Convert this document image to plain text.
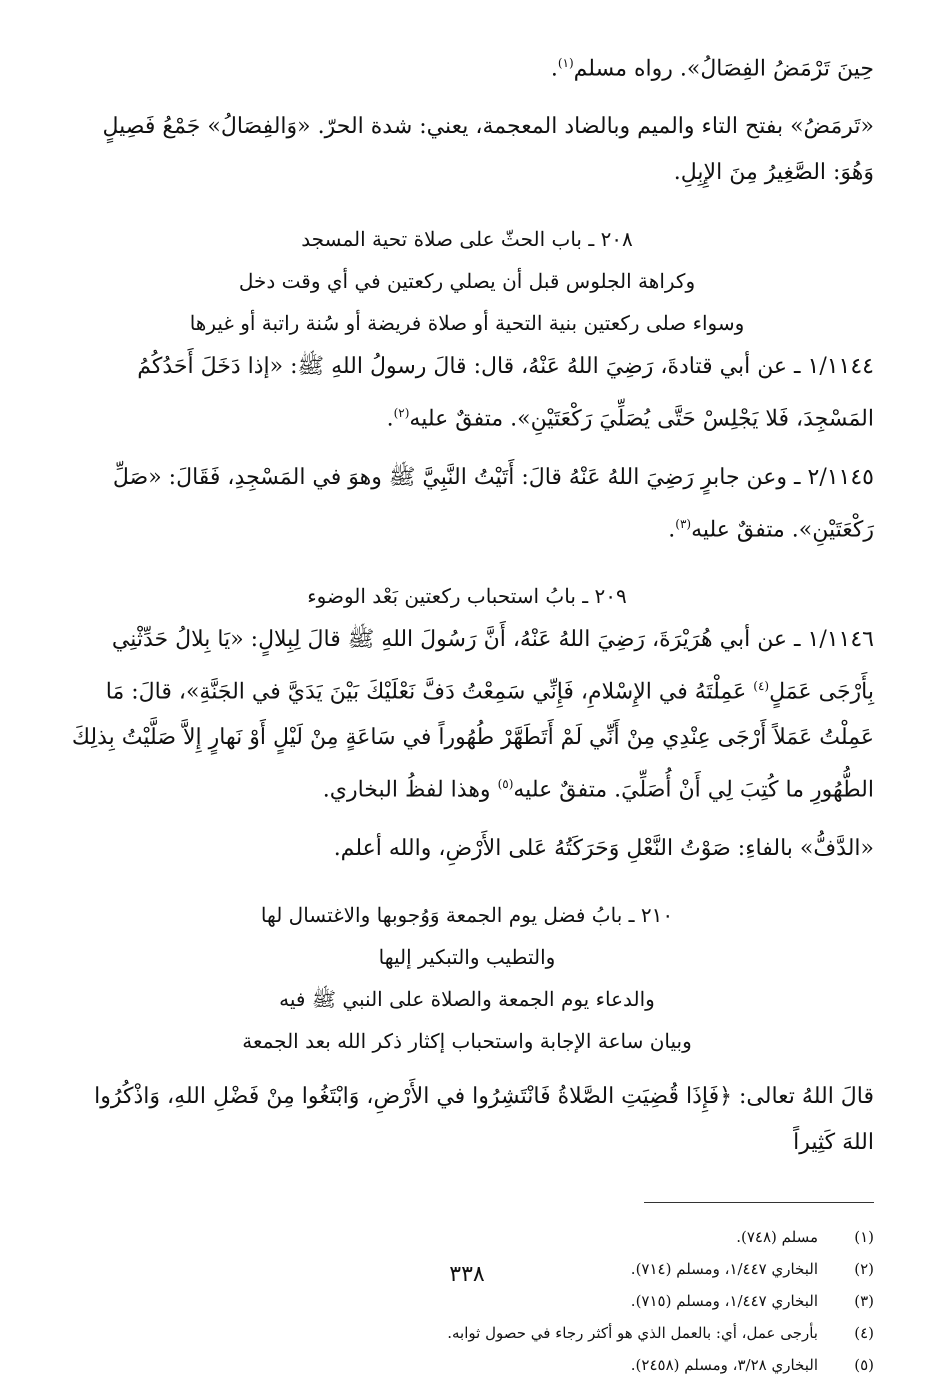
حِينَ تَرْمَضُ الفِصَالُ». رواه مسلم$^{(١)}$.

«تَرمَضُ» بفتح التاء والميم وبالضاد المعجمة، يعني: شدة الحرّ. «وَالفِصَالُ» جَمْعُ فَصِيلٍ وَهُوَ: الصَّغِيرُ مِنَ الإِبِلِ.

٢٠٨ ـ باب الحثّ على صلاة تحية المسجد

وكراهة الجلوس قبل أن يصلي ركعتين في أي وقت دخل

وسواء صلى ركعتين بنية التحية أو صلاة فريضة أو سُنة راتبة أو غيرها

١/١١٤٤ ـ عن أبي قتادةَ، رَضِيَ اللهُ عَنْهُ، قال: قالَ رسولُ اللهِ ﷺ: «إذا دَخَلَ أَحَدُكُمُ المَسْجِدَ، فَلا يَجْلِسْ حَتَّى يُصَلِّيَ رَكْعَتَيْنِ». متفقٌ عليه$^{(٢)}$.

٢/١١٤٥ ـ وعن جابرٍ رَضِيَ اللهُ عَنْهُ قالَ: أَتَيْتُ النَّبِيَّ ﷺ وهوَ في المَسْجِدِ، فَقَالَ: «صَلِّ رَكْعَتَيْنِ». متفقٌ عليه$^{(٣)}$.

٢٠٩ ـ بابُ استحباب ركعتين بَعْد الوضوء

١/١١٤٦ ـ عن أبي هُرَيْرَةَ، رَضِيَ اللهُ عَنْهُ، أَنَّ رَسُولَ اللهِ ﷺ قالَ لِبِلالٍ: «يَا بِلالُ حَدِّثْنِي بِأَرْجَى عَمَلٍ$^{(٤)}$ عَمِلْتَهُ في الإِسْلامِ، فَإِنِّي سَمِعْتُ دَفَّ نَعْلَيْكَ بَيْنَ يَدَيَّ في الجَنَّةِ»، قالَ: مَا عَمِلْتُ عَمَلاً أَرْجَى عِنْدِي مِنْ أَنِّي لَمْ أَتَطَهَّرْ طُهُوراً في سَاعَةٍ مِنْ لَيْلٍ أَوْ نَهارٍ إِلاَّ صَلَّيْتُ بِذلِكَ الطُّهُورِ ما كُتِبَ لِي أَنْ أُصَلِّيَ. متفقٌ عليه$^{(٥)}$ وهذا لفظُ البخاري.

«الدَّفُّ» بالفاءِ: صَوْتُ النَّعْلِ وَحَرَكَتُهُ عَلى الأَرْضِ، والله أعلم.

٢١٠ ـ بابُ فضل يوم الجمعة وَوُجوبها والاغتسال لها

والتطيب والتبكير إليها

والدعاء يوم الجمعة والصلاة على النبي ﷺ فيه

وبيان ساعة الإجابة واستحباب إكثار ذكر الله بعد الجمعة

قالَ اللهُ تعالى: ﴿فَإِذَا قُضِيَتِ الصَّلاةُ فَانْتَشِرُوا في الأَرْضِ، وَابْتَغُوا مِنْ فَضْلِ اللهِ، وَاذْكُرُوا اللهَ كَثِيراً

(١)مسلم (٧٤٨).

(٢)البخاري ١/٤٤٧، ومسلم (٧١٤).

(٣)البخاري ١/٤٤٧، ومسلم (٧١٥).

(٤)بأرجى عمل، أي: بالعمل الذي هو أكثر رجاء في حصول ثوابه.

(٥)البخاري ٣/٢٨، ومسلم (٢٤٥٨).

٣٣٨
